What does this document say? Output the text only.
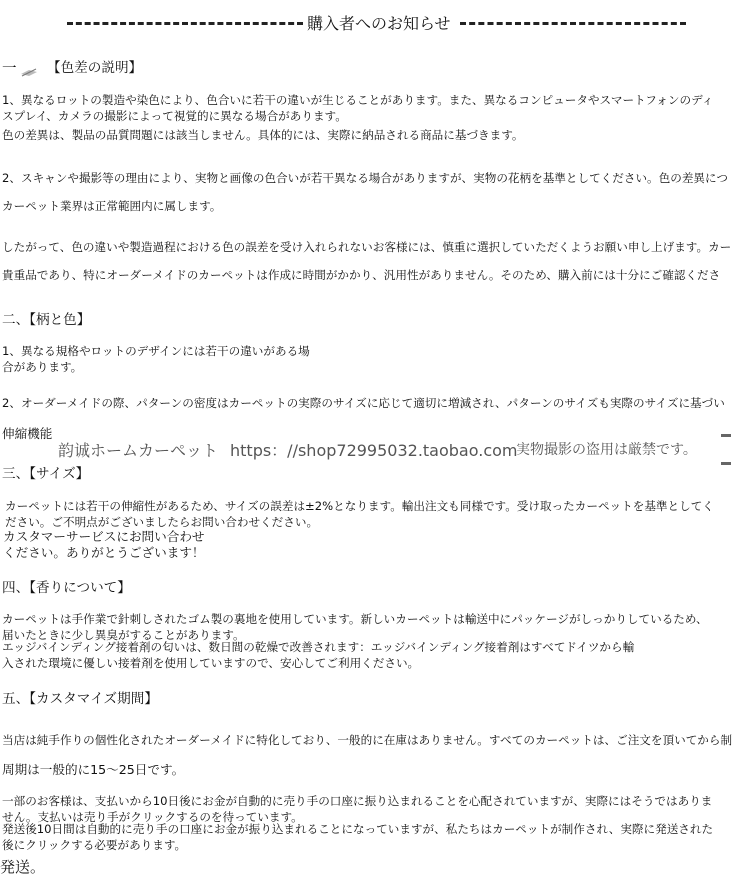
購入者へのお知らせ
一 【色差の説明】
1、異なるロットの製造や染色により、色合いに若干の違いが生じることがあります。また、異なるコンピュータやスマートフォンのディ
スプレイ、カメラの撮影によって視覚的に異なる場合があります。
色の差異は、製品の品質問題には該当しません。具体的には、実際に納品される商品に基づきます。
2、スキャンや撮影等の理由により、実物と画像の色合いが若干異なる場合がありますが、実物の花柄を基準としてください。色の差異につ
カーペット業界は正常範囲内に属します。
したがって、色の違いや製造過程における色の誤差を受け入れられないお客様には、慎重に選択していただくようお願い申し上げます。カー
貴重品であり、特にオーダーメイドのカーペットは作成に時間がかかり、汎用性がありません。そのため、購入前には十分にご確認くださ
二、【柄と色】
1、異なる規格やロットのデザインには若干の違いがある場
合があります。
2、オーダーメイドの際、パターンの密度はカーペットの実際のサイズに応じて適切に増減され、パターンのサイズも実際のサイズに基づい
伸縮機能
韵诚ホームカーペット https：//shop72995032.taobao.com
実物撮影の盗用は厳禁です。
三、【サイズ】
カーペットには若干の伸縮性があるため、サイズの誤差は±2%となります。輸出注文も同様です。受け取ったカーペットを基準としてく
ださい。ご不明点がございましたらお問い合わせください。
カスタマーサービスにお問い合わせ
ください。ありがとうございます！
四、【香りについて】
カーペットは手作業で針刺しされたゴム製の裏地を使用しています。新しいカーペットは輸送中にパッケージがしっかりしているため、
届いたときに少し異臭がすることがあります。
エッジバインディング接着剤の匂いは、数日間の乾燥で改善されます：エッジバインディング接着剤はすべてドイツから輸
入された環境に優しい接着剤を使用していますので、安心してご利用ください。
五、【カスタマイズ期間】
当店は純手作りの個性化されたオーダーメイドに特化しており、一般的に在庫はありません。すべてのカーペットは、ご注文を頂いてから制
周期は一般的に15～25日です。
一部のお客様は、支払いから10日後にお金が自動的に売り手の口座に振り込まれることを心配されていますが、実際にはそうではありま
せん。支払いは売り手がクリックするのを待っています。
発送後10日間は自動的に売り手の口座にお金が振り込まれることになっていますが、私たちはカーペットが制作され、実際に発送された
後にクリックする必要があります。
発送。
